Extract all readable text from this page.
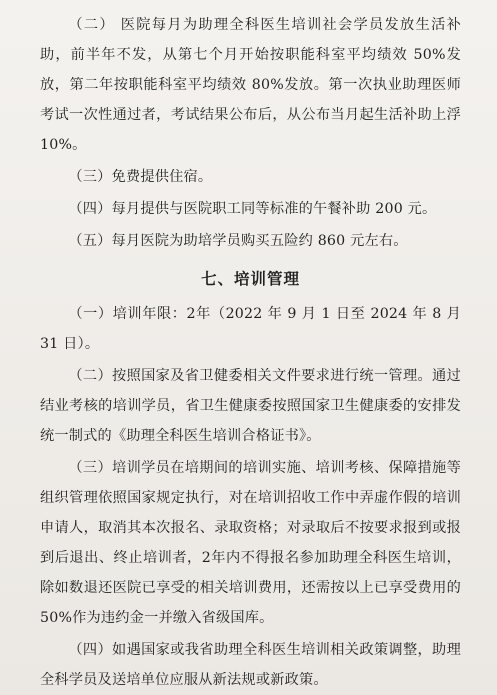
（二） 医院每月为助理全科医生培训社会学员发放生活补助，前半年不发，从第七个月开始按职能科室平均绩效 50%发放，第二年按职能科室平均绩效 80%发放。第一次执业助理医师考试一次性通过者，考试结果公布后，从公布当月起生活补助上浮 10%。

（三）免费提供住宿。

（四）每月提供与医院职工同等标准的午餐补助 200 元。

（五）每月医院为助培学员购买五险约 860 元左右。

七、培训管理

（一）培训年限：2年（2022 年 9 月 1 日至 2024 年 8 月 31 日）。

（二）按照国家及省卫健委相关文件要求进行统一管理。通过结业考核的培训学员，省卫生健康委按照国家卫生健康委的安排发统一制式的《助理全科医生培训合格证书》。

（三）培训学员在培期间的培训实施、培训考核、保障措施等组织管理依照国家规定执行，对在培训招收工作中弄虚作假的培训申请人，取消其本次报名、录取资格；对录取后不按要求报到或报到后退出、终止培训者，2年内不得报名参加助理全科医生培训，除如数退还医院已享受的相关培训费用，还需按以上已享受费用的 50%作为违约金一并缴入省级国库。

（四）如遇国家或我省助理全科医生培训相关政策调整，助理全科学员及送培单位应服从新法规或新政策。
